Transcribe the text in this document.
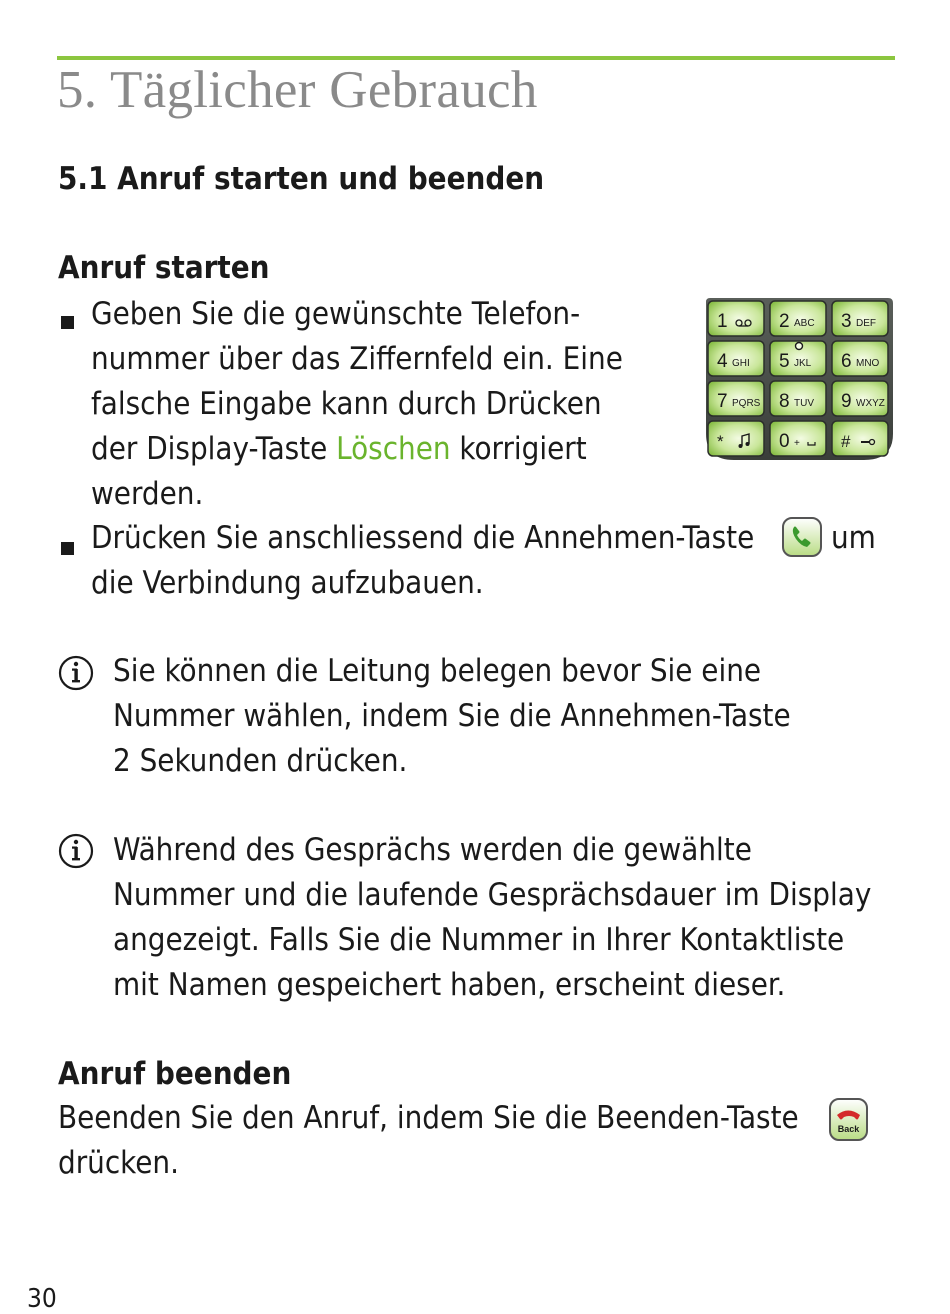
5. Täglicher Gebrauch
5.1 Anruf starten und beenden
Anruf starten
Geben Sie die gewünschte Telefon-
nummer über das Ziffernfeld ein. Eine
falsche Eingabe kann durch Drücken
der Display-Taste Löschen korrigiert
werden.
1	2 ABC 3 DEF
4 GHI 5 JKL 6 MNO
7 PQRS 8 TUV 9 WXYZ
*	0 + #
Drücken Sie anschliessend die Annehmen-Taste um
die Verbindung aufzubauen.
Sie können die Leitung belegen bevor Sie eine
Nummer wählen, indem Sie die Annehmen-Taste
2 Sekunden drücken.
Während des Gesprächs werden die gewählte
Nummer und die laufende Gesprächsdauer im Display
angezeigt. Falls Sie die Nummer in Ihrer Kontaktliste
mit Namen gespeichert haben, erscheint dieser.
Anruf beenden
Beenden Sie den Anruf, indem Sie die Beenden-Taste	Back
drücken.
30
